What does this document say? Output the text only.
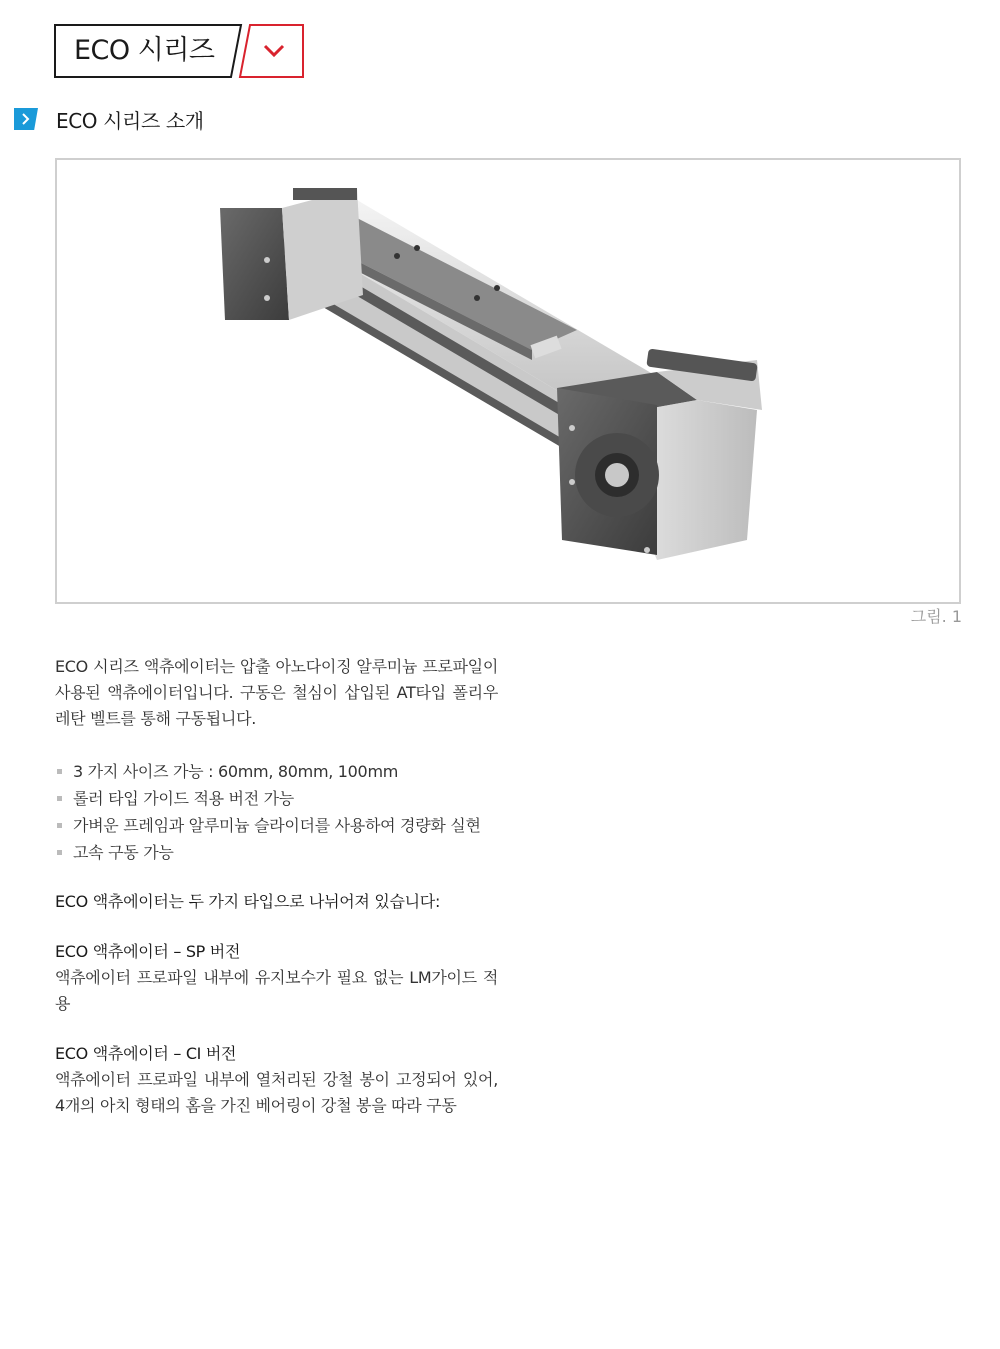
ECO 시리즈
ECO 시리즈 소개
그림. 1

ECO 시리즈 액츄에이터는 압출 아노다이징 알루미늄 프로파일이 사용된 액츄에이터입니다. 구동은 철심이 삽입된 AT타입 폴리우레탄 벨트를 통해 구동됩니다.

3 가지 사이즈 가능 : 60mm, 80mm, 100mm
롤러 타입 가이드 적용 버전 가능
가벼운 프레임과 알루미늄 슬라이더를 사용하여 경량화 실현
고속 구동 가능

ECO 액츄에이터는 두 가지 타입으로 나뉘어져 있습니다:

ECO 액츄에이터 – SP 버전
액츄에이터 프로파일 내부에 유지보수가 필요 없는 LM가이드 적용
ECO 액츄에이터 – CI 버전
액츄에이터 프로파일 내부에 열처리된 강철 봉이 고정되어 있어, 4개의 아치 형태의 홈을 가진 베어링이 강철 봉을 따라 구동
